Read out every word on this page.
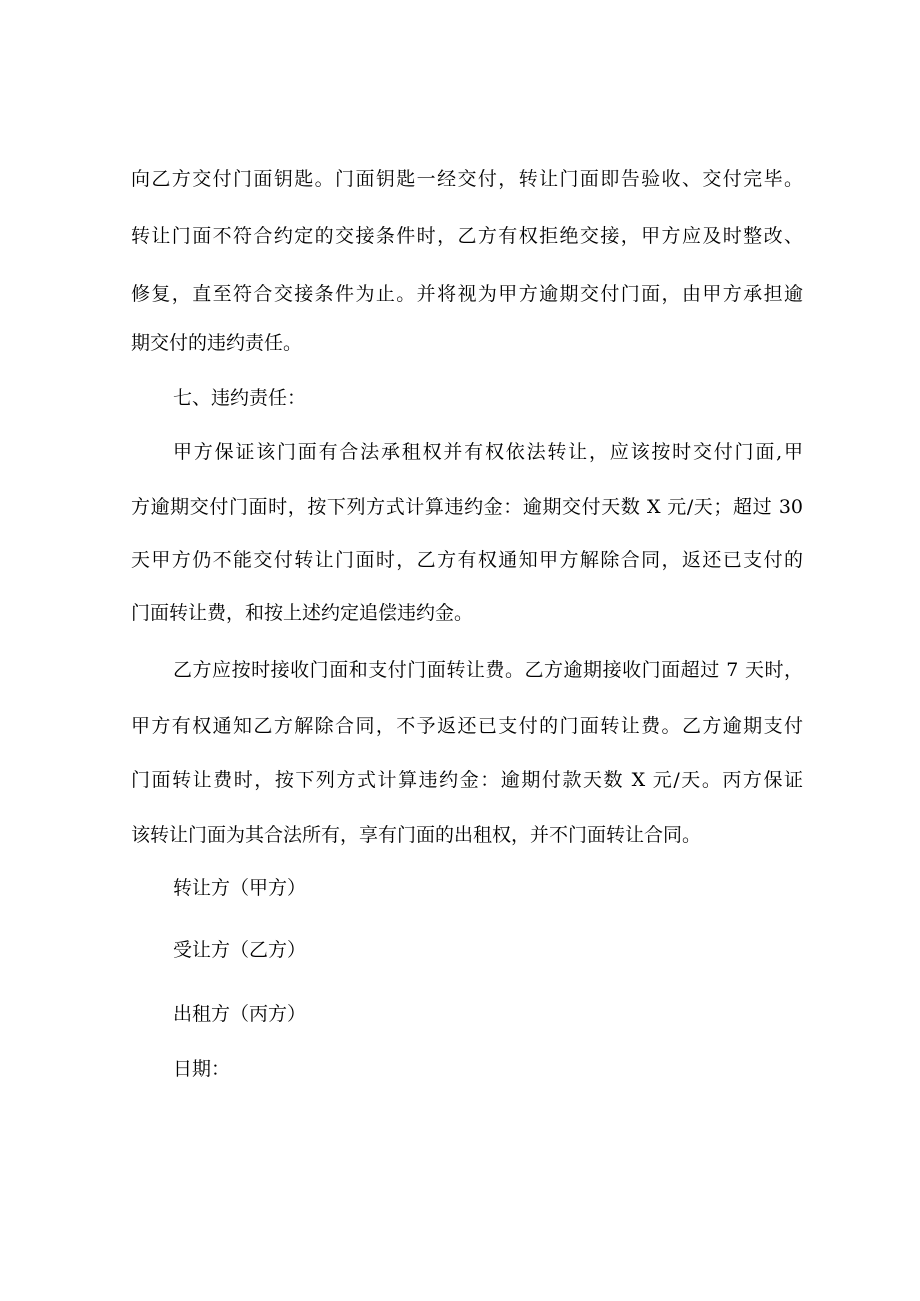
向乙方交付门面钥匙。门面钥匙一经交付，转让门面即告验收、交付完毕。
转让门面不符合约定的交接条件时，乙方有权拒绝交接，甲方应及时整改、
修复，直至符合交接条件为止。并将视为甲方逾期交付门面，由甲方承担逾
期交付的违约责任。
七、违约责任：
甲方保证该门面有合法承租权并有权依法转让，应该按时交付门面,甲
方逾期交付门面时，按下列方式计算违约金：逾期交付天数 X 元/天；超过 30
天甲方仍不能交付转让门面时，乙方有权通知甲方解除合同，返还已支付的
门面转让费，和按上述约定追偿违约金。
乙方应按时接收门面和支付门面转让费。乙方逾期接收门面超过 7 天时，
甲方有权通知乙方解除合同，不予返还已支付的门面转让费。乙方逾期支付
门面转让费时，按下列方式计算违约金：逾期付款天数 X 元/天。丙方保证
该转让门面为其合法所有，享有门面的出租权，并不门面转让合同。
转让方（甲方）
受让方（乙方）
出租方（丙方）
日期：
